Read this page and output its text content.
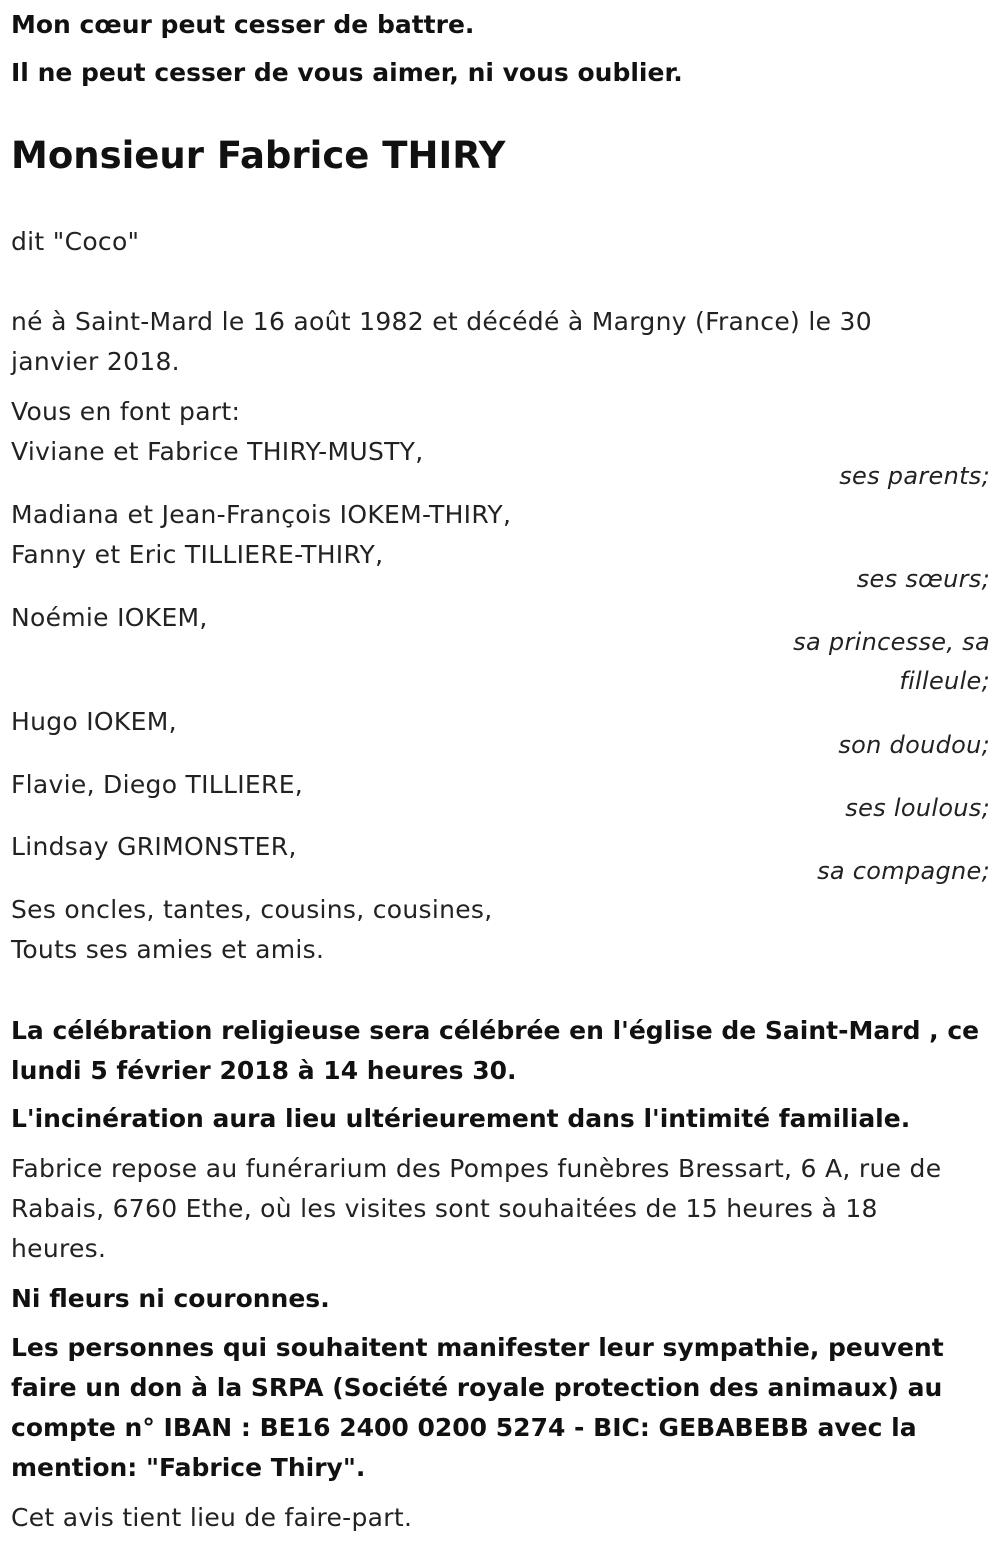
Mon cœur peut cesser de battre.
Il ne peut cesser de vous aimer, ni vous oublier.
Monsieur Fabrice THIRY
dit "Coco"
né à Saint-Mard le 16 août 1982 et décédé à Margny (France) le 30
janvier 2018.
Vous en font part:
Viviane et Fabrice THIRY-MUSTY,
ses parents;
Madiana et Jean-François IOKEM-THIRY,
Fanny et Eric TILLIERE-THIRY,
ses sœurs;
Noémie IOKEM,
sa princesse, sa
filleule;
Hugo IOKEM,
son doudou;
Flavie, Diego TILLIERE,
ses loulous;
Lindsay GRIMONSTER,
sa compagne;
Ses oncles, tantes, cousins, cousines,
Touts ses amies et amis.
La célébration religieuse sera célébrée en l'église de Saint-Mard , ce
lundi 5 février 2018 à 14 heures 30.
L'incinération aura lieu ultérieurement dans l'intimité familiale.
Fabrice repose au funérarium des Pompes funèbres Bressart, 6 A, rue de
Rabais, 6760 Ethe, où les visites sont souhaitées de 15 heures à 18
heures.
Ni fleurs ni couronnes.
Les personnes qui souhaitent manifester leur sympathie, peuvent
faire un don à la SRPA (Société royale protection des animaux) au
compte n° IBAN : BE16 2400 0200 5274 - BIC: GEBABEBB avec la
mention: "Fabrice Thiry".
Cet avis tient lieu de faire-part.
